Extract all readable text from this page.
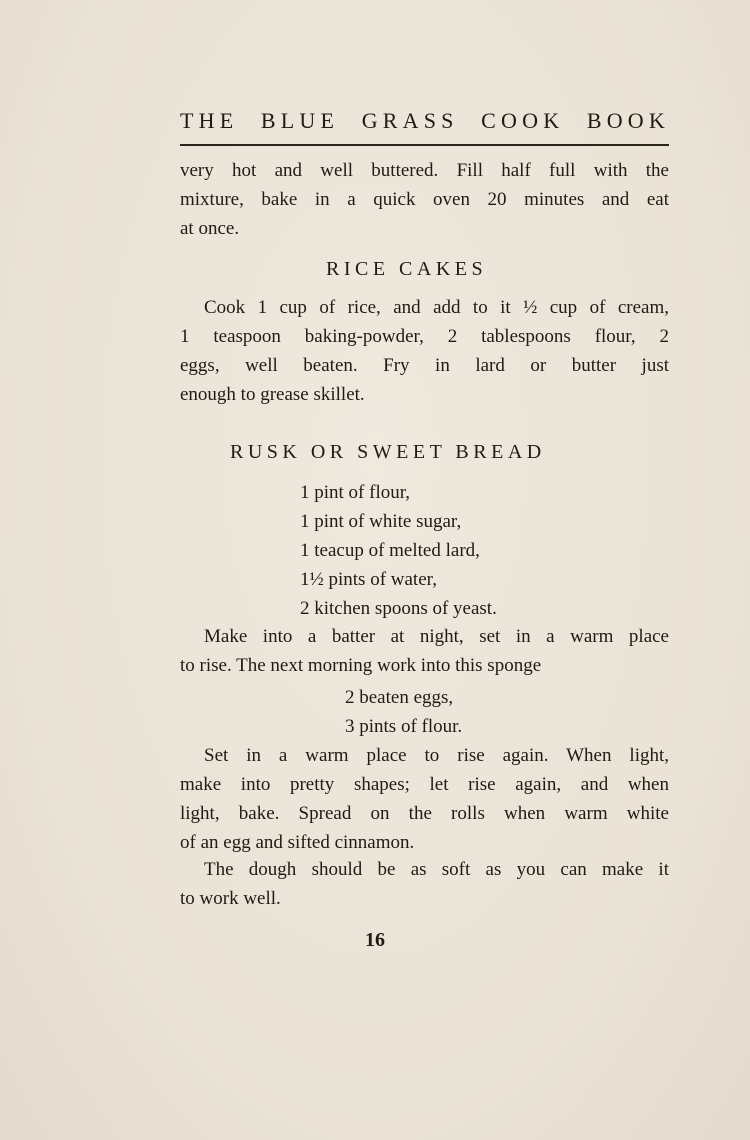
THE BLUE GRASS COOK BOOK
very hot and well buttered. Fill half full with the
mixture, bake in a quick oven 20 minutes and eat
at once.
RICE CAKES
Cook 1 cup of rice, and add to it ½ cup of cream,
1 teaspoon baking-powder, 2 tablespoons flour, 2
eggs, well beaten. Fry in lard or butter just
enough to grease skillet.
RUSK OR SWEET BREAD
1 pint of flour,
1 pint of white sugar,
1 teacup of melted lard,
1½ pints of water,
2 kitchen spoons of yeast.
Make into a batter at night, set in a warm place
to rise. The next morning work into this sponge
2 beaten eggs,
3 pints of flour.
Set in a warm place to rise again. When light,
make into pretty shapes; let rise again, and when
light, bake. Spread on the rolls when warm white
of an egg and sifted cinnamon.
The dough should be as soft as you can make it
to work well.
16
